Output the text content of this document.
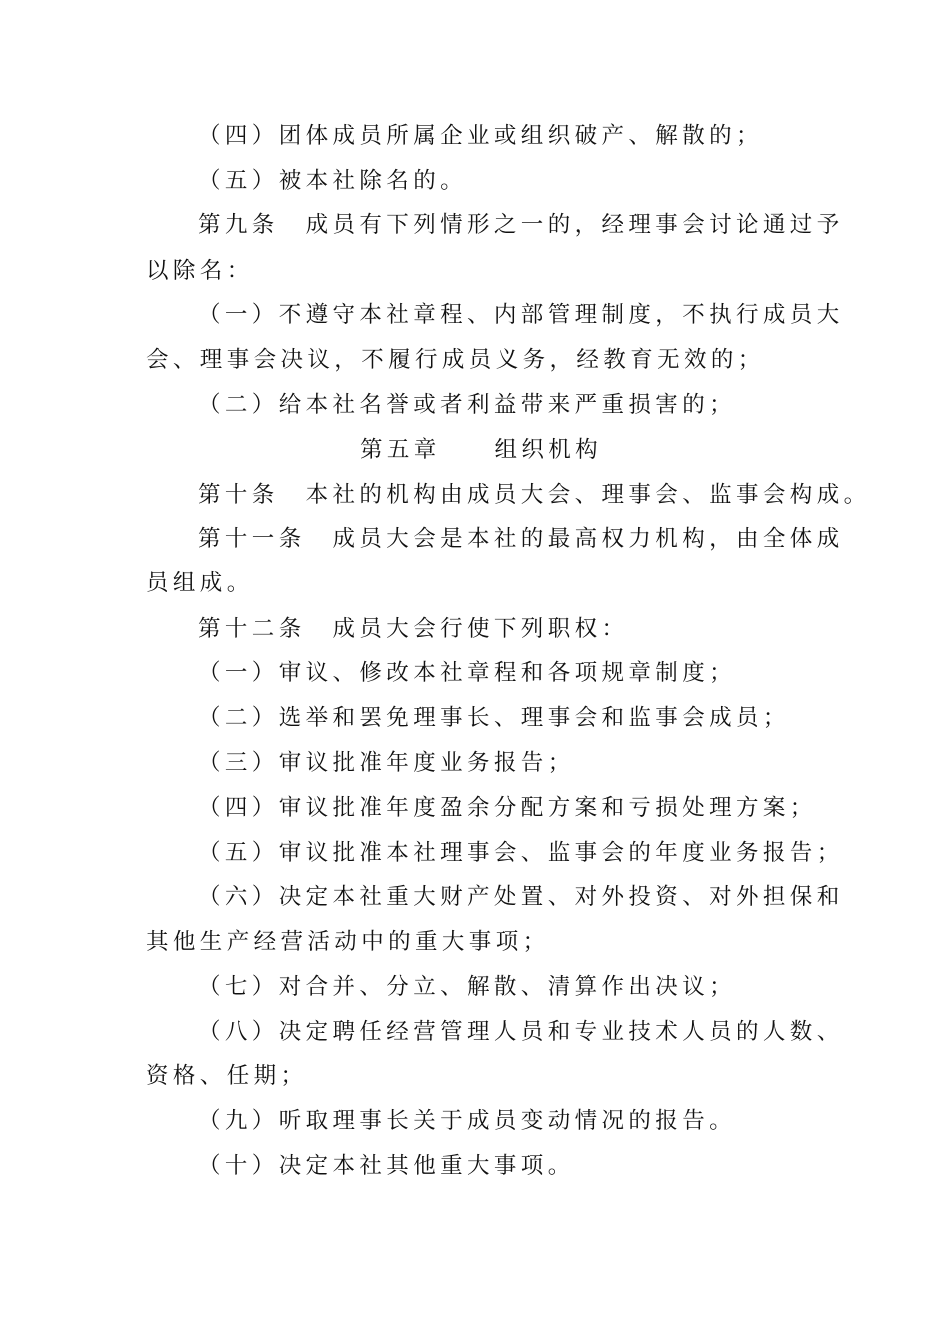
（四）团体成员所属企业或组织破产、解散的；
（五）被本社除名的。
第九条　成员有下列情形之一的，经理事会讨论通过予
以除名：
（一）不遵守本社章程、内部管理制度，不执行成员大
会、理事会决议，不履行成员义务，经教育无效的；
（二）给本社名誉或者利益带来严重损害的；
第五章　　组织机构
第十条　本社的机构由成员大会、理事会、监事会构成。
第十一条　成员大会是本社的最高权力机构，由全体成
员组成。
第十二条　成员大会行使下列职权：
（一）审议、修改本社章程和各项规章制度；
（二）选举和罢免理事长、理事会和监事会成员；
（三）审议批准年度业务报告；
（四）审议批准年度盈余分配方案和亏损处理方案；
（五）审议批准本社理事会、监事会的年度业务报告；
（六）决定本社重大财产处置、对外投资、对外担保和
其他生产经营活动中的重大事项；
（七）对合并、分立、解散、清算作出决议；
（八）决定聘任经营管理人员和专业技术人员的人数、
资格、任期；
（九）听取理事长关于成员变动情况的报告。
（十）决定本社其他重大事项。
